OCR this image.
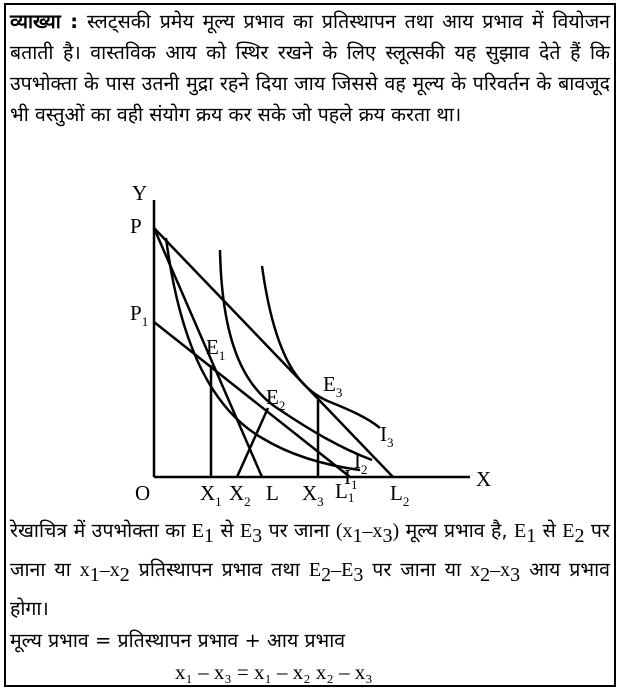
व्याख्या : स्लट्सकी प्रमेय मूल्य प्रभाव का प्रतिस्थापन तथा आय प्रभाव में वियोजन बताती है। वास्तविक आय को स्थिर रखने के लिए स्लूत्सकी यह सुझाव देते हैं कि उपभोक्ता के पास उतनी मुद्रा रहने दिया जाय जिससे वह मूल्य के परिवर्तन के बावजूद भी वस्तुओं का वही संयोग क्रय कर सके जो पहले क्रय करता था।
Y
X
O
P
$P_1$
$E_1$
$E_2$
$E_3$
$I_3$
$I_2$
$I_1$
$X_1$ $X_2$ L $X_3$ L1 $L_2$
रेखाचित्र में उपभोक्ता का $E_1$ से $E_3$ पर जाना $(x_1-x_3)$ मूल्य प्रभाव है, $E_1$ से $E_2$ पर जाना या $x_1-x_2$ प्रतिस्थापन प्रभाव तथा $E_2-E_3$ पर जाना या $x_2-x_3$ आय प्रभाव होगा।
मूल्य प्रभाव = प्रतिस्थापन प्रभाव + आय प्रभाव
x₁ – x₃ = x₁ – x₂ x₂ – x₃
